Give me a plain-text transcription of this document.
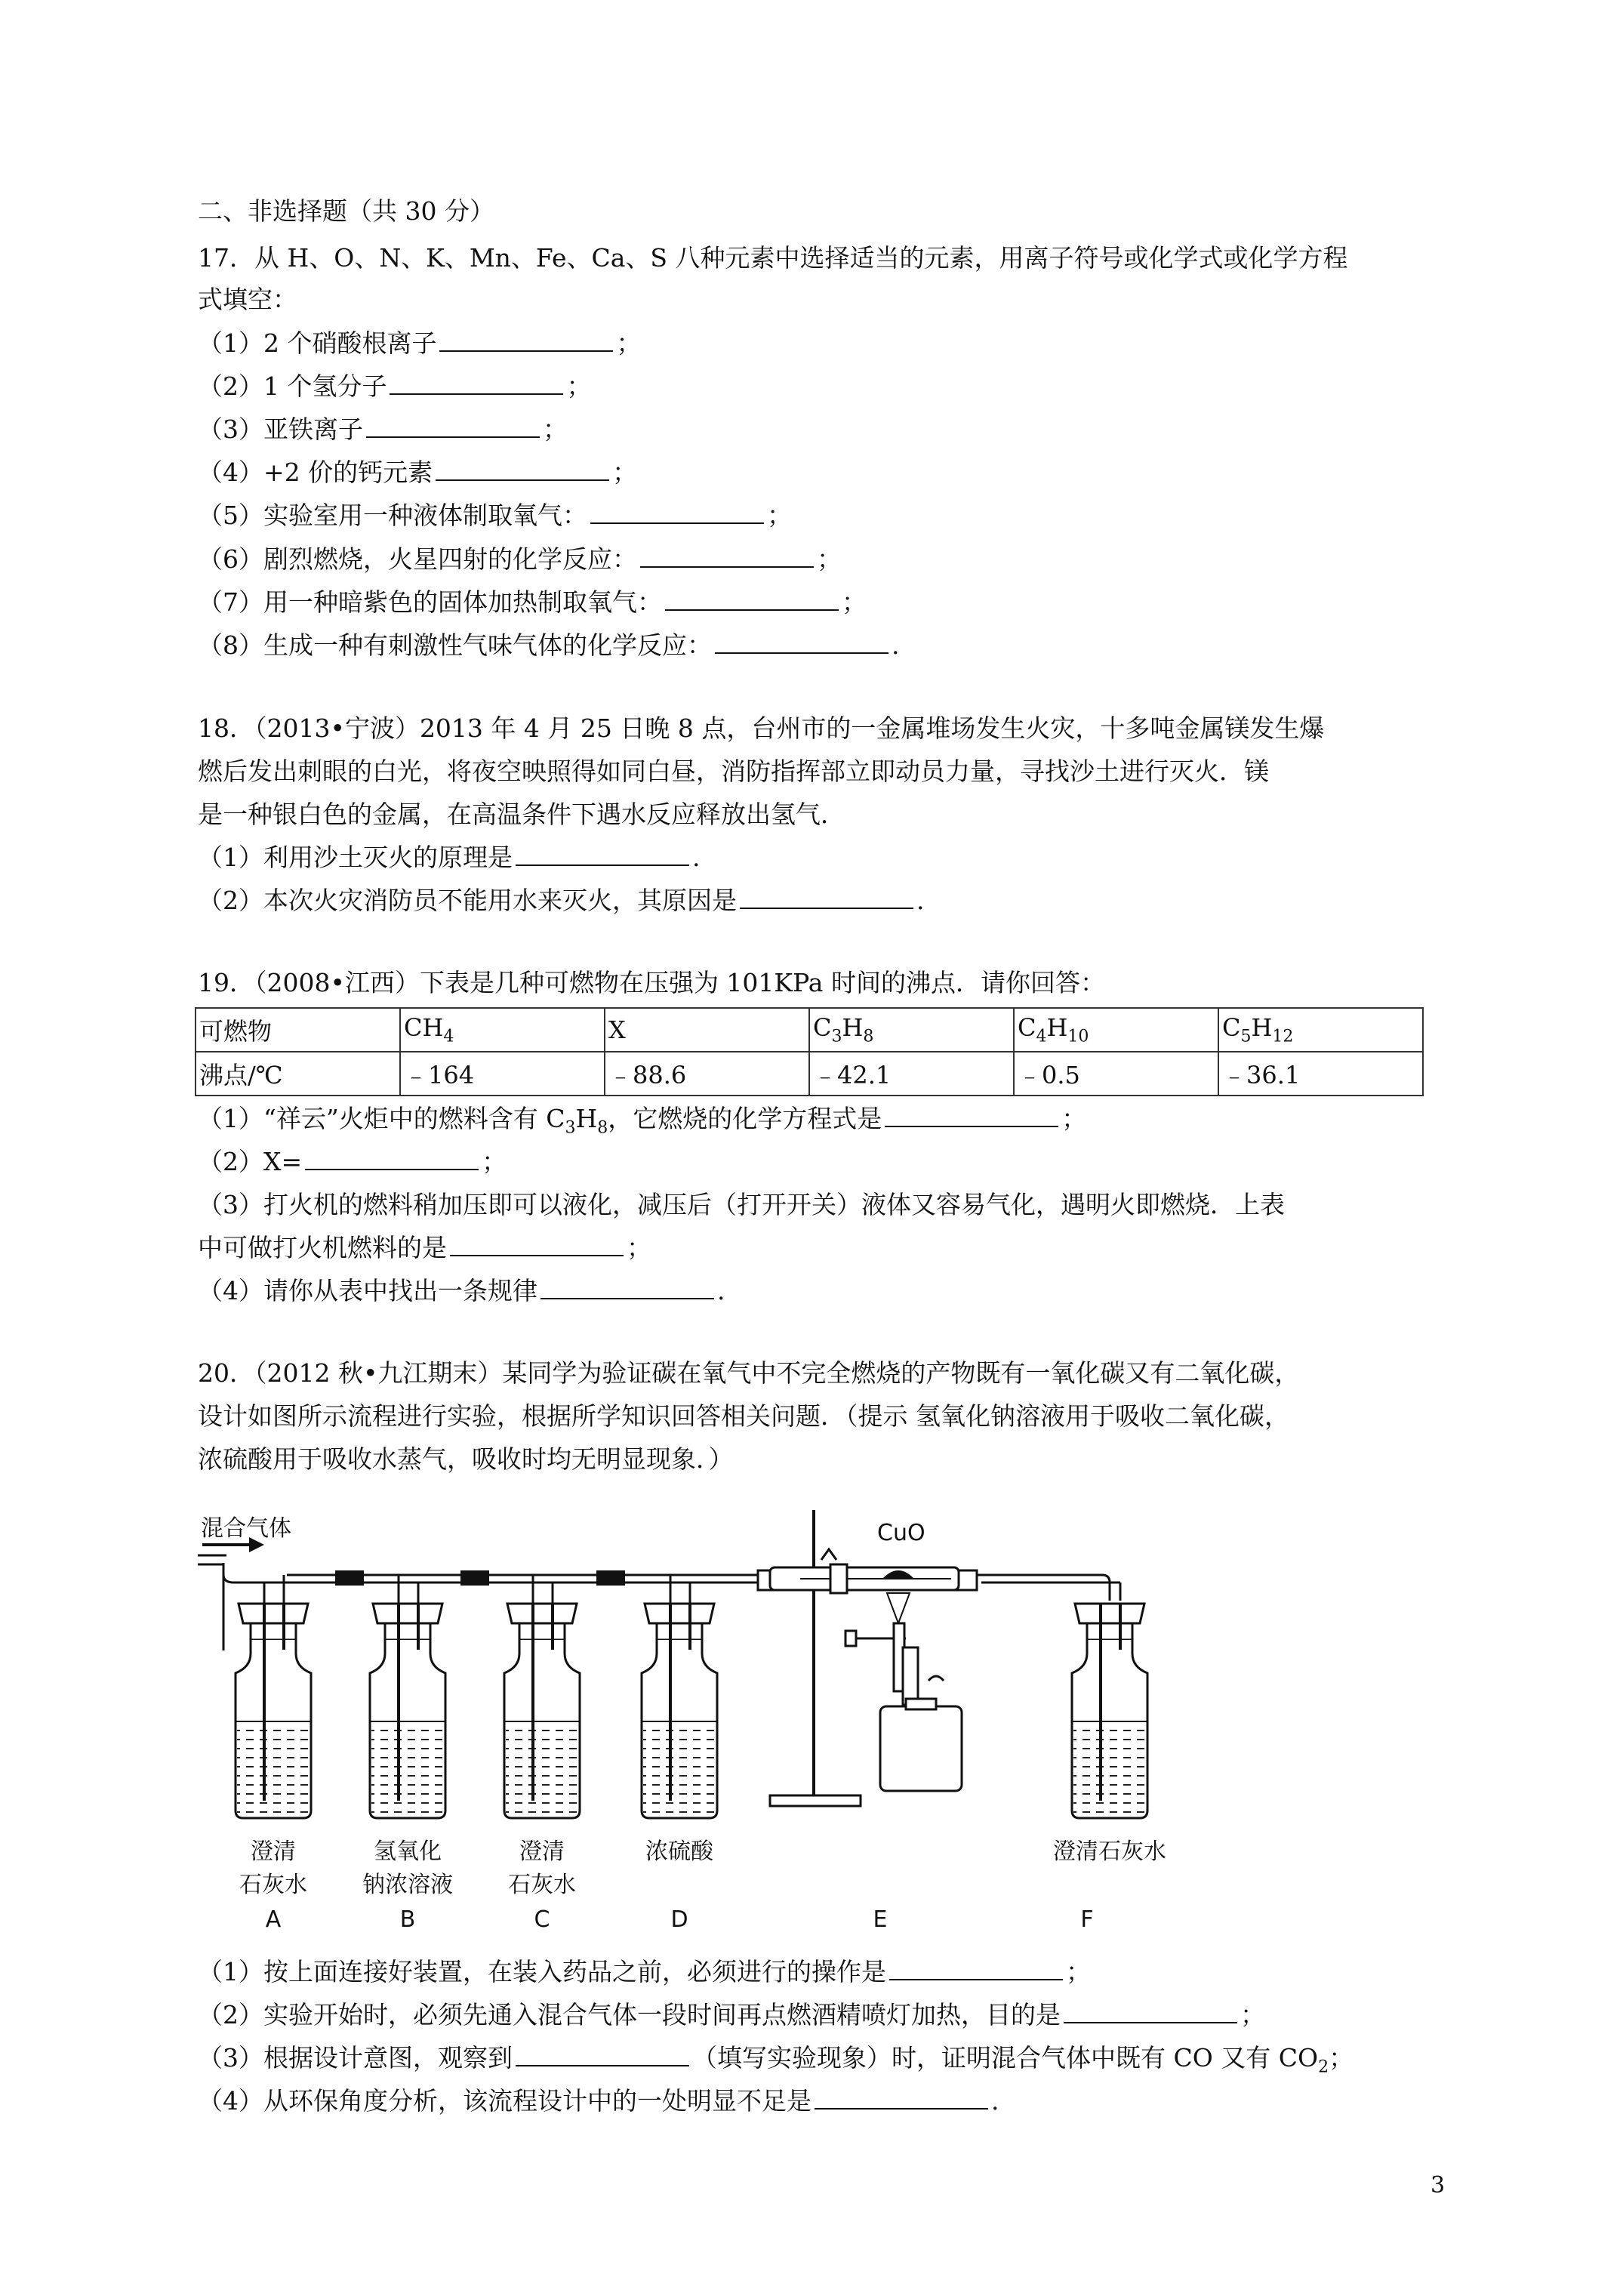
二、非选择题（共 30 分）
17．从 H、O、N、K、Mn、Fe、Ca、S 八种元素中选择适当的元素，用离子符号或化学式或化学方程
式填空：
（1）2 个硝酸根离子	；
（2）1 个氢分子	；
（3）亚铁离子	；
（4）+2 价的钙元素	；
（5）实验室用一种液体制取氧气：	；
（6）剧烈燃烧，火星四射的化学反应：	；
（7）用一种暗紫色的固体加热制取氧气：	；
（8）生成一种有刺激性气味气体的化学反应：	.
18．（2013•宁波）2013 年 4 月 25 日晚 8 点，台州市的一金属堆场发生火灾，十多吨金属镁发生爆
燃后发出刺眼的白光，将夜空映照得如同白昼，消防指挥部立即动员力量，寻找沙土进行灭火．镁
是一种银白色的金属，在高温条件下遇水反应释放出氢气．
（1）利用沙土灭火的原理是	.
（2）本次火灾消防员不能用水来灭火，其原因是	.
19．（2008•江西）下表是几种可燃物在压强为 101KPa 时间的沸点．请你回答：
可燃物	$CH_4$	X	$C_3H_8$	$C_4H_{10}$	$C_5H_{12}$
沸点/℃	﹣164	﹣88.6	﹣42.1	﹣0.5	﹣36.1
（1）“祥云”火炬中的燃料含有 $C_3H_8$，它燃烧的化学方程式是	；
（2）X=	；
（3）打火机的燃料稍加压即可以液化，减压后（打开开关）液体又容易气化，遇明火即燃烧．上表
中可做打火机燃料的是	；
（4）请你从表中找出一条规律	.
20．（2012 秋•九江期末）某同学为验证碳在氧气中不完全燃烧的产物既有一氧化碳又有二氧化碳，
设计如图所示流程进行实验，根据所学知识回答相关问题．（提示 氢氧化钠溶液用于吸收二氧化碳，
浓硫酸用于吸收水蒸气，吸收时均无明显现象．）
混合气体	CuO
澄清
石灰水
A
氢氧化
钠浓溶液
B
澄清
石灰水
C
浓硫酸
D	E
澄清石灰水
F
（1）按上面连接好装置，在装入药品之前，必须进行的操作是	；
（2）实验开始时，必须先通入混合气体一段时间再点燃酒精喷灯加热，目的是	；
（3）根据设计意图，观察到	（填写实验现象）时，证明混合气体中既有 CO 又有 $CO_2$；
（4）从环保角度分析，该流程设计中的一处明显不足是	.
3
